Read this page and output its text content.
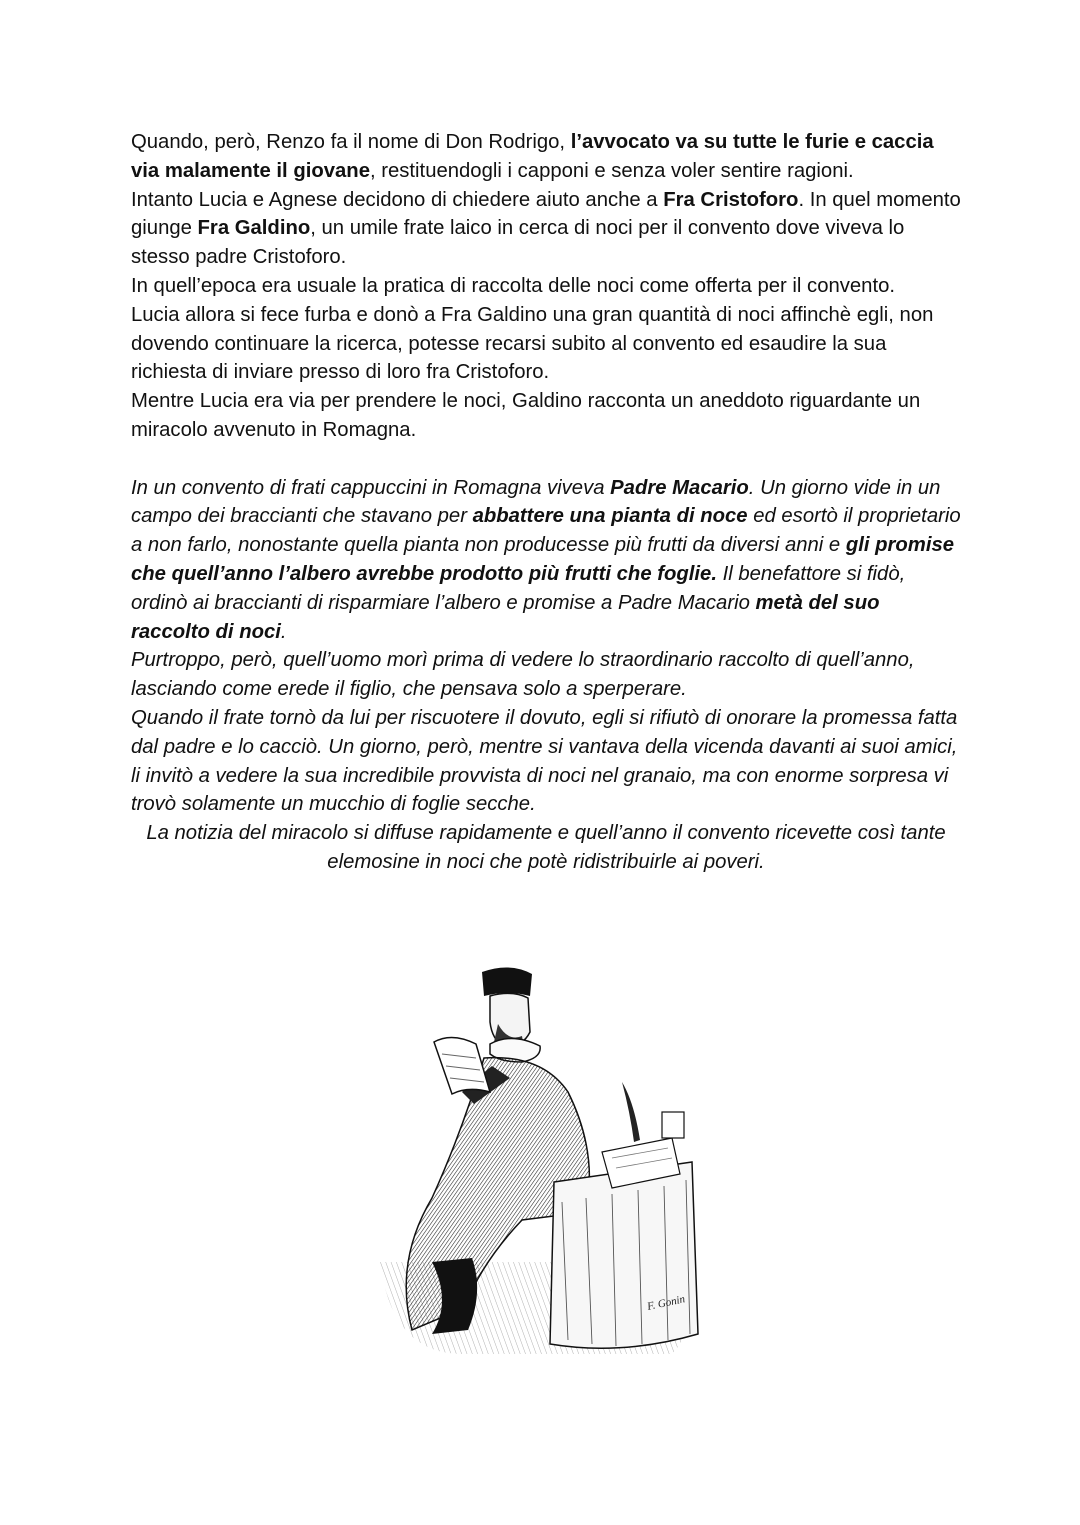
Quando, però, Renzo fa il nome di Don Rodrigo, l’avvocato va su tutte le furie e caccia via malamente il giovane, restituendogli i capponi e senza voler sentire ragioni.

Intanto Lucia e Agnese decidono di chiedere aiuto anche a Fra Cristoforo. In quel momento giunge Fra Galdino, un umile frate laico in cerca di noci per il convento dove viveva lo stesso padre Cristoforo.

In quell’epoca era usuale la pratica di raccolta delle noci come offerta per il convento.

Lucia allora si fece furba e donò a Fra Galdino una gran quantità di noci affinchè egli, non dovendo continuare la ricerca, potesse recarsi subito al convento ed esaudire la sua richiesta di inviare presso di loro fra Cristoforo.

Mentre Lucia era via per prendere le noci, Galdino racconta un aneddoto riguardante un miracolo avvenuto in Romagna.

In un convento di frati cappuccini in Romagna viveva Padre Macario. Un giorno vide in un campo dei braccianti che stavano per abbattere una pianta di noce ed esortò il proprietario a non farlo, nonostante quella pianta non producesse più frutti da diversi anni e gli promise che quell’anno l’albero avrebbe prodotto più frutti che foglie. Il benefattore si fidò, ordinò ai braccianti di risparmiare l’albero e promise a Padre Macario metà del suo raccolto di noci.

Purtroppo, però, quell’uomo morì prima di vedere lo straordinario raccolto di quell’anno, lasciando come erede il figlio, che pensava solo a sperperare.

Quando il frate tornò da lui per riscuotere il dovuto, egli si rifiutò di onorare la promessa fatta dal padre e lo cacciò. Un giorno, però, mentre si vantava della vicenda davanti ai suoi amici, li invitò a vedere la sua incredibile provvista di noci nel granaio, ma con enorme sorpresa vi trovò solamente un mucchio di foglie secche.

La notizia del miracolo si diffuse rapidamente e quell’anno il convento ricevette così tante elemosine in noci che potè ridistribuirle ai poveri.

F. Gonin
